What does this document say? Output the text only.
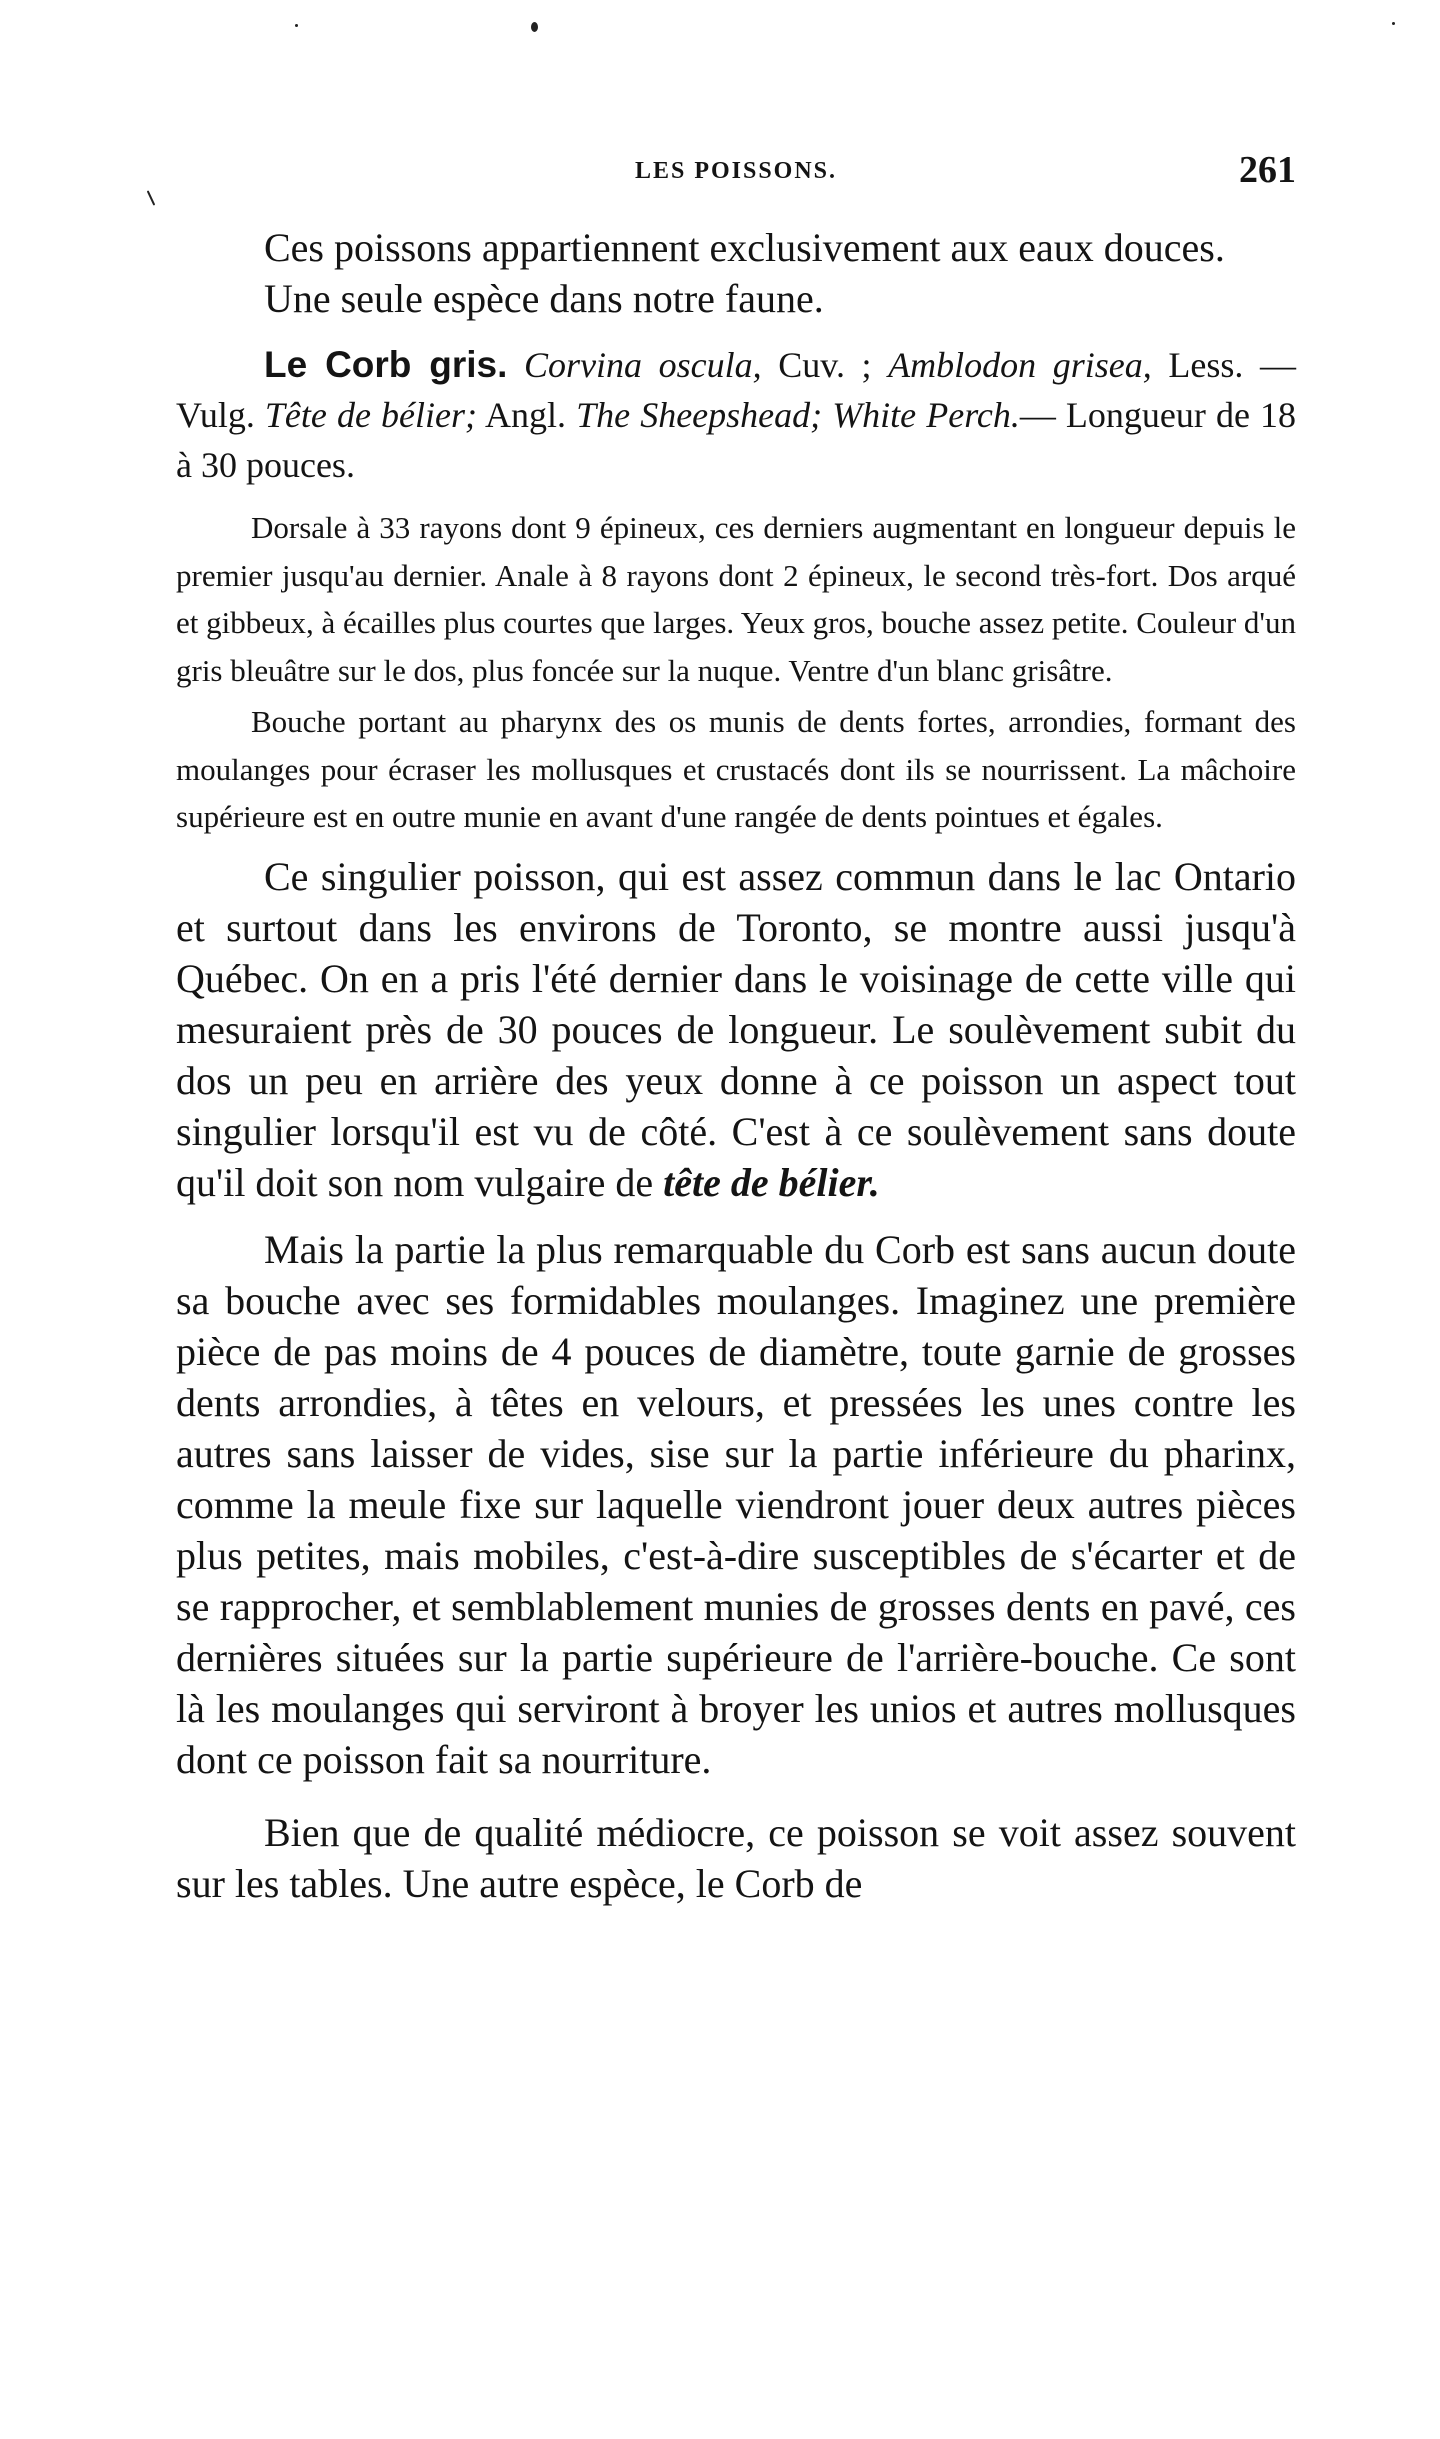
LES POISSONS.	261

Ces poissons appartiennent exclusivement aux eaux douces.

Une seule espèce dans notre faune.

Le Corb gris. Corvina oscula, Cuv. ; Amblodon grisea, Less. —Vulg. Tête de bélier; Angl. The Sheepshead; White Perch.— Longueur de 18 à 30 pouces.

Dorsale à 33 rayons dont 9 épineux, ces derniers augmentant en longueur depuis le premier jusqu'au dernier. Anale à 8 rayons dont 2 épineux, le second très-fort. Dos arqué et gibbeux, à écailles plus courtes que larges. Yeux gros, bouche assez petite. Couleur d'un gris bleuâtre sur le dos, plus foncée sur la nuque. Ventre d'un blanc grisâtre.

Bouche portant au pharynx des os munis de dents fortes, arrondies, formant des moulanges pour écraser les mollusques et crustacés dont ils se nourrissent. La mâchoire supérieure est en outre munie en avant d'une rangée de dents pointues et égales.

Ce singulier poisson, qui est assez commun dans le lac Ontario et surtout dans les environs de Toronto, se montre aussi jusqu'à Québec. On en a pris l'été dernier dans le voisinage de cette ville qui mesuraient près de 30 pouces de longueur. Le soulèvement subit du dos un peu en arrière des yeux donne à ce poisson un aspect tout singulier lorsqu'il est vu de côté. C'est à ce soulèvement sans doute qu'il doit son nom vulgaire de tête de bélier.

Mais la partie la plus remarquable du Corb est sans aucun doute sa bouche avec ses formidables moulanges. Imaginez une première pièce de pas moins de 4 pouces de diamètre, toute garnie de grosses dents arrondies, à têtes en velours, et pressées les unes contre les autres sans laisser de vides, sise sur la partie inférieure du pharinx, comme la meule fixe sur laquelle viendront jouer deux autres pièces plus petites, mais mobiles, c'est-à-dire susceptibles de s'écarter et de se rapprocher, et semblablement munies de grosses dents en pavé, ces dernières situées sur la partie supérieure de l'arrière-bouche. Ce sont là les moulanges qui serviront à broyer les unios et autres mollusques dont ce poisson fait sa nourriture.

Bien que de qualité médiocre, ce poisson se voit assez souvent sur les tables. Une autre espèce, le Corb de
